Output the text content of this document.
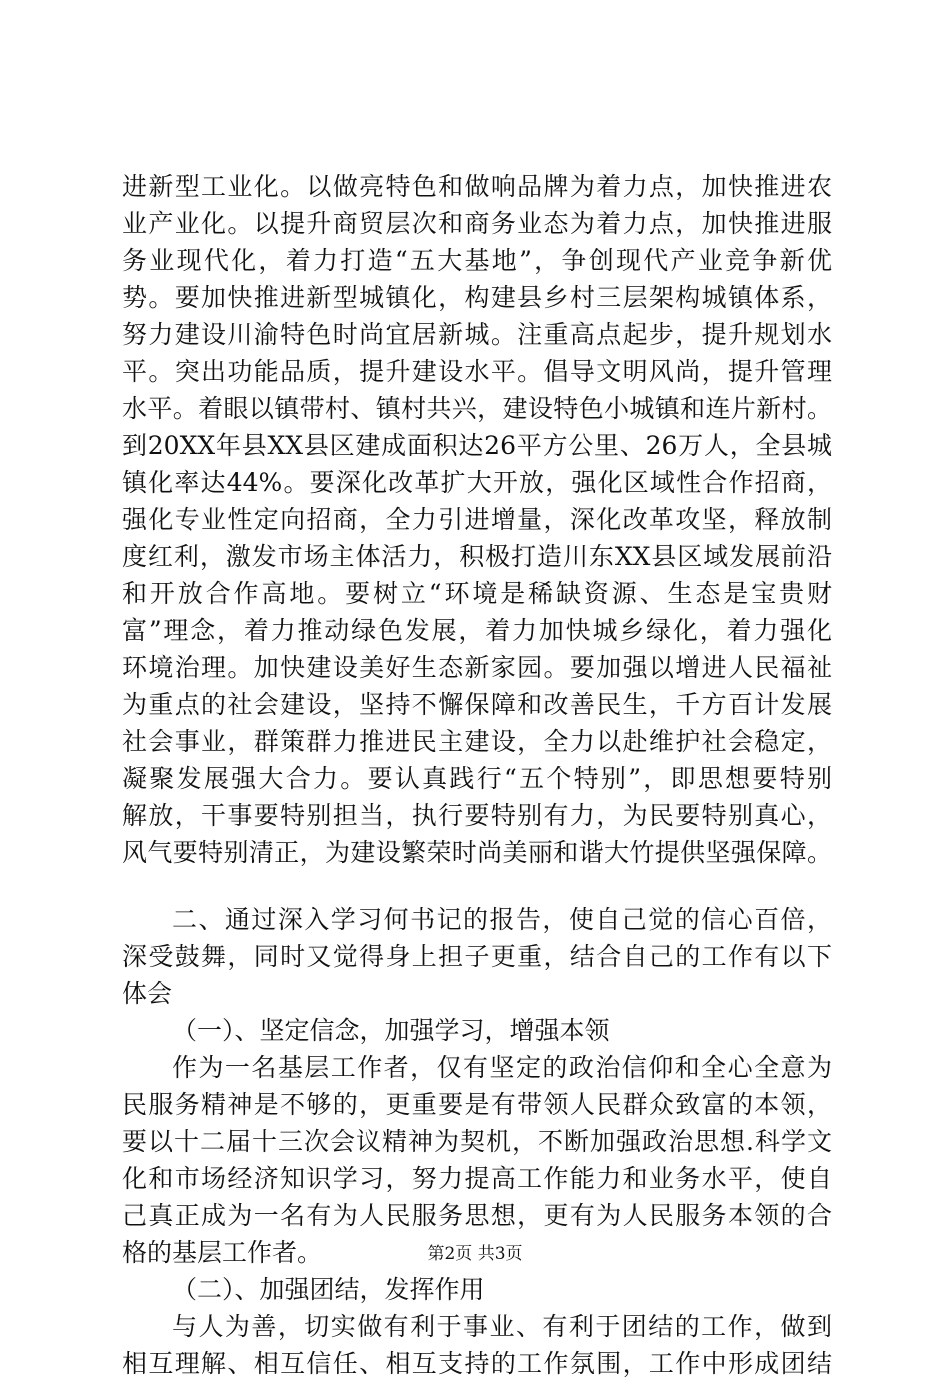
进新型工业化。以做亮特色和做响品牌为着力点，加快推进农
业产业化。以提升商贸层次和商务业态为着力点，加快推进服
务业现代化，着力打造“五大基地”，争创现代产业竞争新优
势。要加快推进新型城镇化，构建县乡村三层架构城镇体系，
努力建设川渝特色时尚宜居新城。注重高点起步，提升规划水
平。突出功能品质，提升建设水平。倡导文明风尚，提升管理
水平。着眼以镇带村、镇村共兴，建设特色小城镇和连片新村。
到20XX年县XX县区建成面积达26平方公里、26万人，全县城
镇化率达44%。要深化改革扩大开放，强化区域性合作招商，
强化专业性定向招商，全力引进增量，深化改革攻坚，释放制
度红利，激发市场主体活力，积极打造川东XX县区域发展前沿
和开放合作高地。要树立“环境是稀缺资源、生态是宝贵财
富”理念，着力推动绿色发展，着力加快城乡绿化，着力强化
环境治理。加快建设美好生态新家园。要加强以增进人民福祉
为重点的社会建设，坚持不懈保障和改善民生，千方百计发展
社会事业，群策群力推进民主建设，全力以赴维护社会稳定，
凝聚发展强大合力。要认真践行“五个特别”，即思想要特别
解放，干事要特别担当，执行要特别有力，为民要特别真心，
风气要特别清正，为建设繁荣时尚美丽和谐大竹提供坚强保障。
二、通过深入学习何书记的报告，使自己觉的信心百倍，
深受鼓舞，同时又觉得身上担子更重，结合自己的工作有以下
体会
（一）、坚定信念，加强学习，增强本领
作为一名基层工作者，仅有坚定的政治信仰和全心全意为
民服务精神是不够的，更重要是有带领人民群众致富的本领，
要以十二届十三次会议精神为契机，不断加强政治思想.科学文
化和市场经济知识学习，努力提高工作能力和业务水平，使自
己真正成为一名有为人民服务思想，更有为人民服务本领的合
格的基层工作者。
（二）、加强团结，发挥作用
与人为善，切实做有利于事业、有利于团结的工作，做到
相互理解、相互信任、相互支持的工作氛围，工作中形成团结
第2页 共3页
